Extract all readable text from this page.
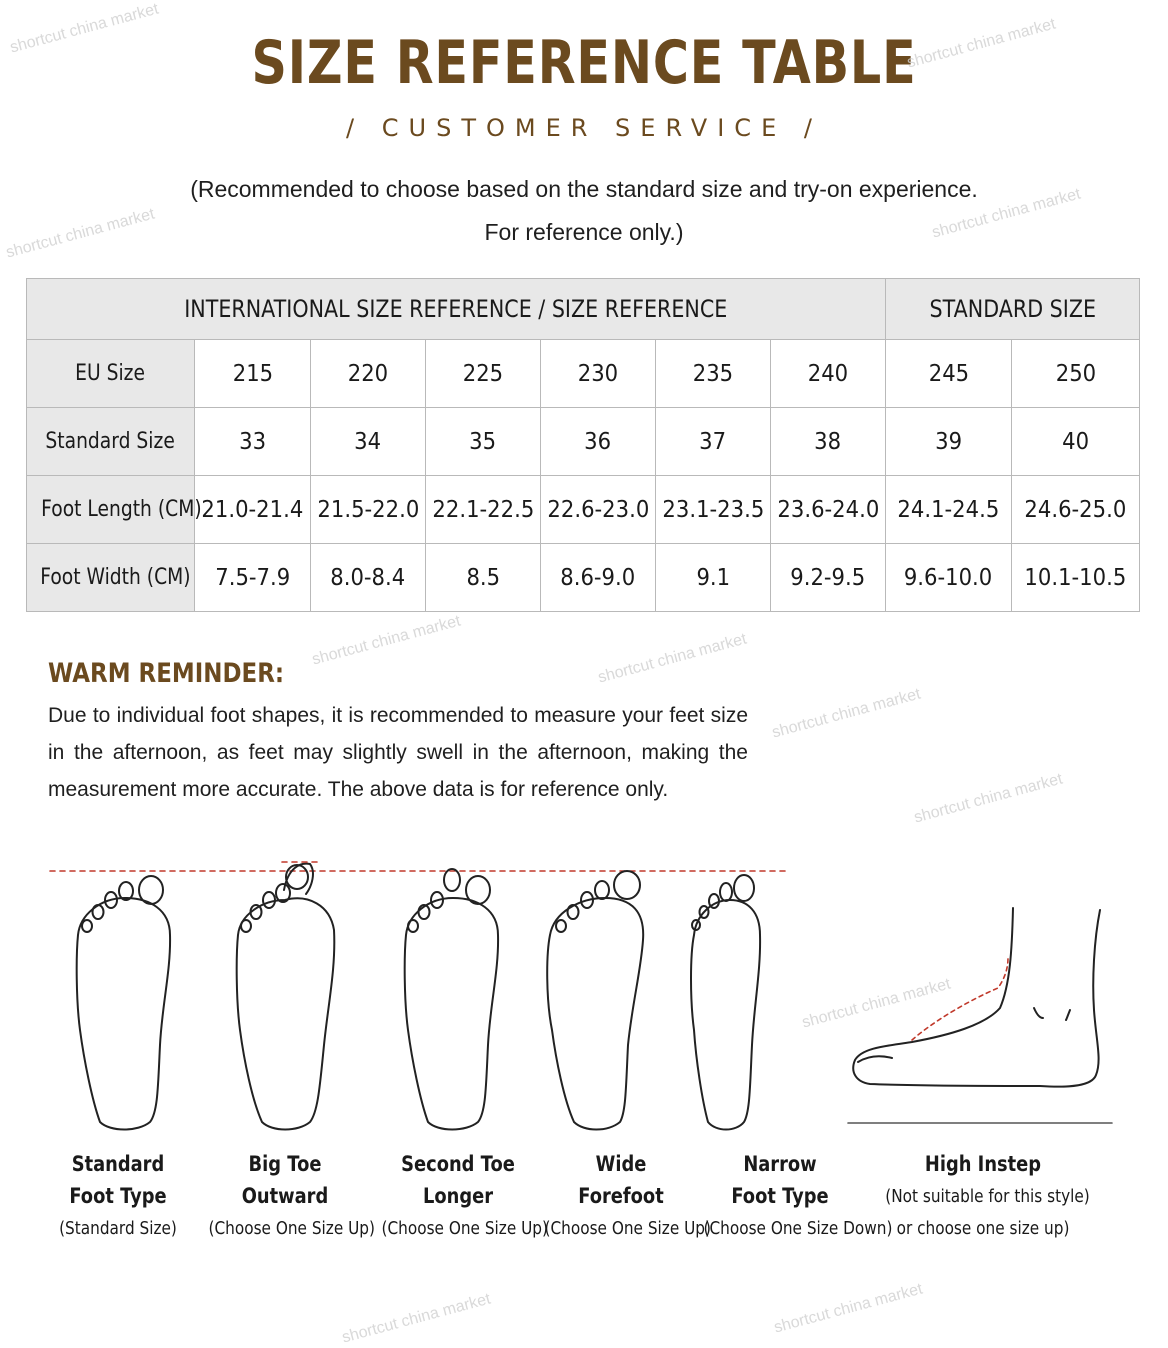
SIZE REFERENCE TABLE
/ CUSTOMER SERVICE /
(Recommended to choose based on the standard size and try-on experience.
For reference only.)
INTERNATIONAL SIZE REFERENCE / SIZE REFERENCE							STANDARD SIZE	
EU Size	215	220	225	230	235	240	245	250
Standard Size	33	34	35	36	37	38	39	40
Foot Length (CM)	21.0-21.4	21.5-22.0	22.1-22.5	22.6-23.0	23.1-23.5	23.6-24.0	24.1-24.5	24.6-25.0
Foot Width (CM)	7.5-7.9	8.0-8.4	8.5	8.6-9.0	9.1	9.2-9.5	9.6-10.0	10.1-10.5
WARM REMINDER:
Due to individual foot shapes, it is recommended to measure your feet size in the afternoon, as feet may slightly swell in the afternoon, making the measurement more accurate. The above data is for reference only.
Standard
Foot Type
(Standard Size)
Big Toe
Outward
(Choose One Size Up)
Second Toe
Longer
(Choose One Size Up)
Wide
Forefoot
(Choose One Size Up)
Narrow
Foot Type
(Choose One Size Down)
High Instep
(Not suitable for this style)
or choose one size up)
shortcut china market	shortcut china market
shortcut china market
shortcut china market
shortcut china market	shortcut china market
shortcut china market
shortcut china market
shortcut china market
shortcut china market	shortcut china market
